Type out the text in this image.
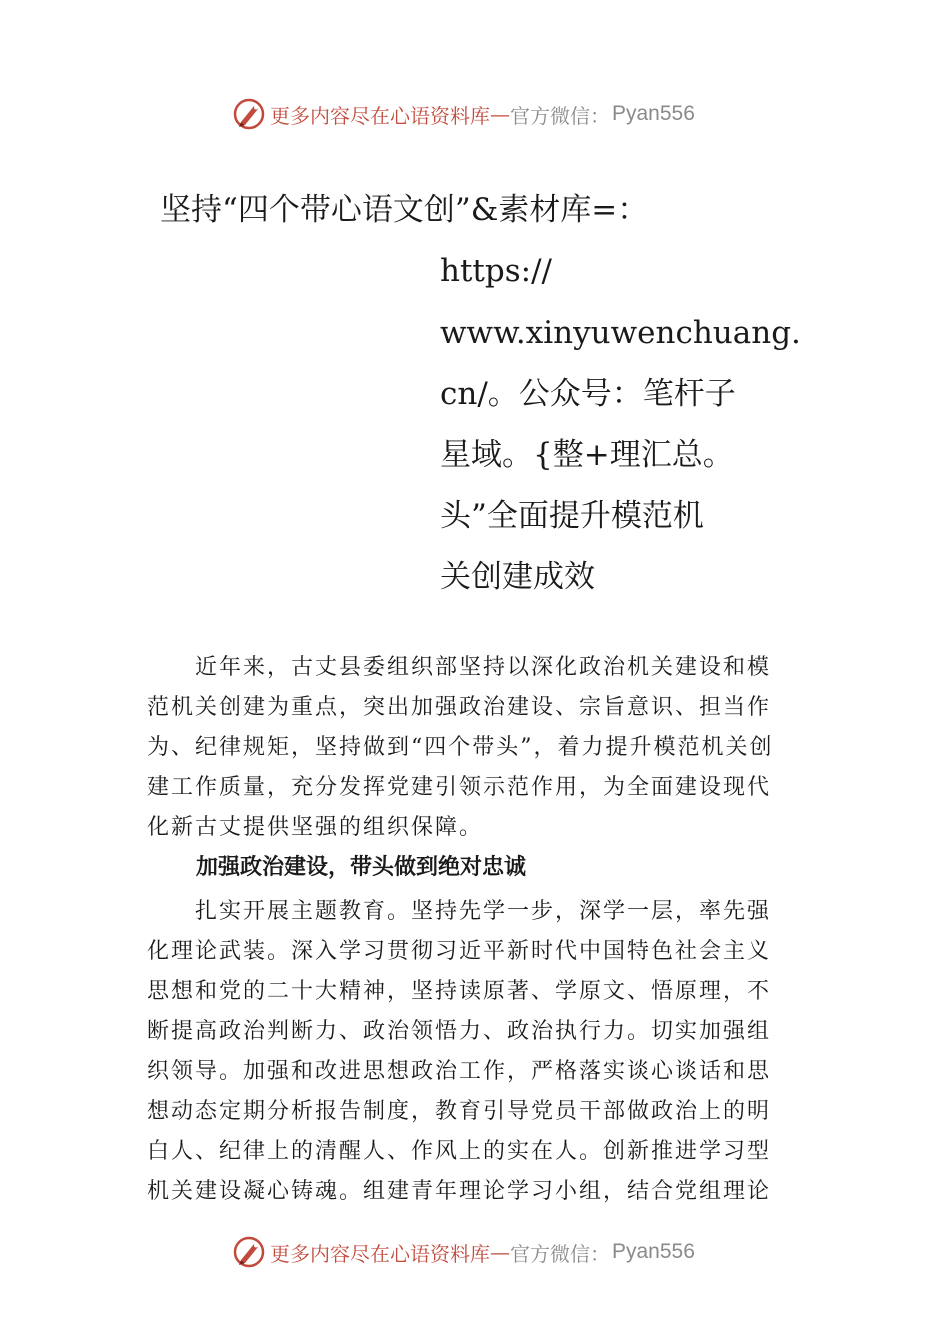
更多内容尽在心语资料库 — 官方微信： Pyan556
坚持“四个带心语文创”&素材库=：
https://
www.xinyuwenchuang.
cn/。公众号：笔杆子
星域。{整+理汇总。
头”全面提升模范机
关创建成效
　　近年来，古丈县委组织部坚持以深化政治机关建设和模
范机关创建为重点，突出加强政治建设、宗旨意识、担当作
为、纪律规矩，坚持做到“四个带头”，着力提升模范机关创
建工作质量，充分发挥党建引领示范作用，为全面建设现代
化新古丈提供坚强的组织保障。
加强政治建设，带头做到绝对忠诚
　　扎实开展主题教育。坚持先学一步，深学一层，率先强
化理论武装。深入学习贯彻习近平新时代中国特色社会主义
思想和党的二十大精神，坚持读原著、学原文、悟原理，不
断提高政治判断力、政治领悟力、政治执行力。切实加强组
织领导。加强和改进思想政治工作，严格落实谈心谈话和思
想动态定期分析报告制度，教育引导党员干部做政治上的明
白人、纪律上的清醒人、作风上的实在人。创新推进学习型
机关建设凝心铸魂。组建青年理论学习小组，结合党组理论
更多内容尽在心语资料库 — 官方微信： Pyan556
